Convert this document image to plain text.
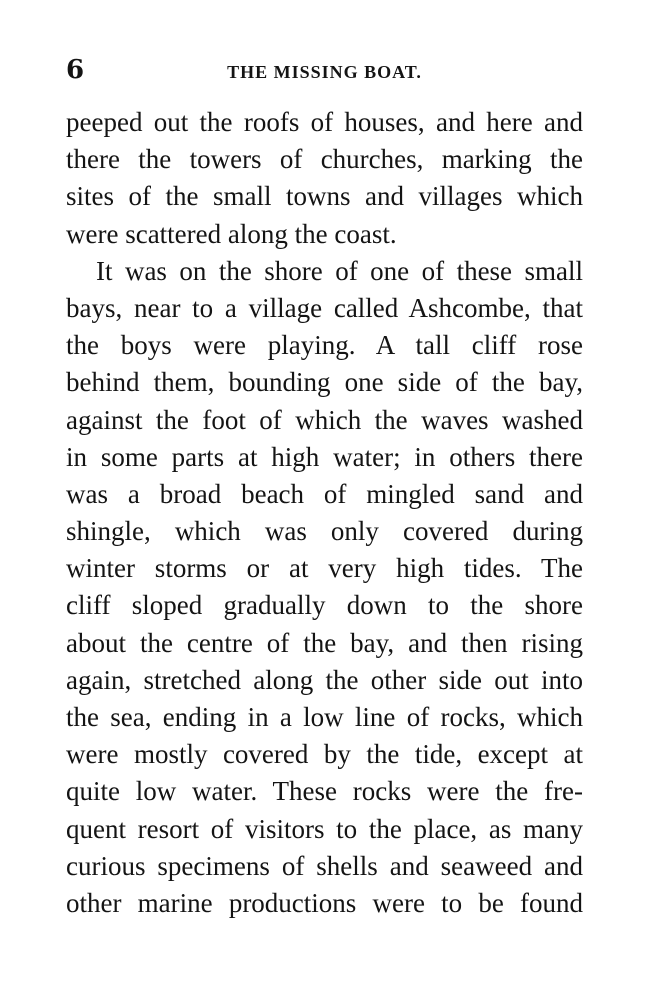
6	THE MISSING BOAT.
peeped out the roofs of houses, and here and
there the towers of churches, marking the
sites of the small towns and villages which
were scattered along the coast.
It was on the shore of one of these small
bays, near to a village called Ashcombe, that
the boys were playing. A tall cliff rose
behind them, bounding one side of the bay,
against the foot of which the waves washed
in some parts at high water; in others there
was a broad beach of mingled sand and
shingle, which was only covered during
winter storms or at very high tides. The
cliff sloped gradually down to the shore
about the centre of the bay, and then rising
again, stretched along the other side out into
the sea, ending in a low line of rocks, which
were mostly covered by the tide, except at
quite low water. These rocks were the fre-
quent resort of visitors to the place, as many
curious specimens of shells and seaweed and
other marine productions were to be found
